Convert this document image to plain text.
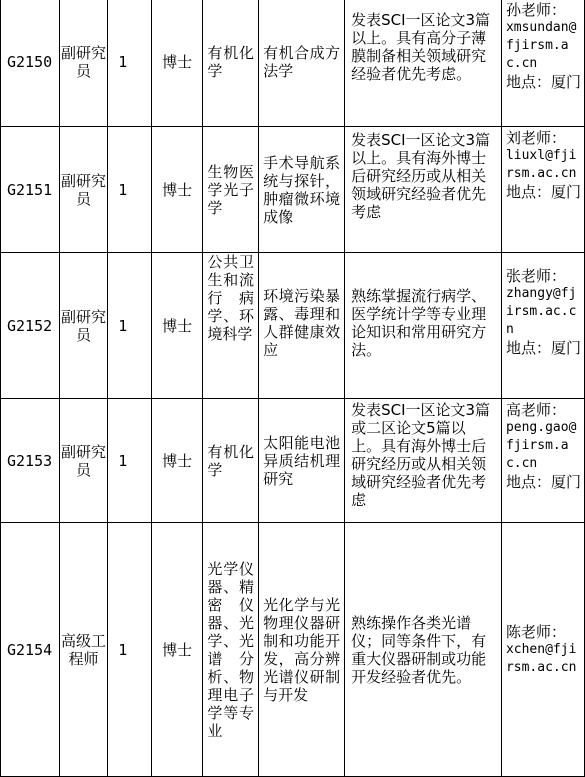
G2150	副研究员	1	博士	有机化学	有机合成方法学	发表SCI一区论文3篇以上。具有高分子薄膜制备相关领域研究经验者优先考虑。	孙老师：
xmsundan@fjirsm.ac.cn
地点：厦门

G2151	副研究员	1	博士	生物医学光子学	手术导航系统与探针，肿瘤微环境成像	发表SCI一区论文3篇以上。具有海外博士后研究经历或从相关领域研究经验者优先考虑	刘老师：
liuxl@fjirsm.ac.cn
地点：厦门

G2152	副研究员	1	博士	公共卫生和流行病学、环境科学	环境污染暴露、毒理和人群健康效应	熟练掌握流行病学、医学统计学等专业理论知识和常用研究方法。	张老师：
zhangy@fjirsm.ac.cn
地点：厦门

G2153	副研究员	1	博士	有机化学	太阳能电池异质结机理研究	发表SCI一区论文3篇或二区论文5篇以上。具有海外博士后研究经历或从相关领域研究经验者优先考虑	高老师：
peng.gao@fjirsm.ac.cn
地点：厦门

G2154	高级工程师	1	博士	光学仪器、精密仪器、光学、光谱分析、物理电子学等专业	光化学与光物理仪器研制和功能开发，高分辨光谱仪研制与开发	熟练操作各类光谱仪；同等条件下，有重大仪器研制或功能开发经验者优先。	陈老师：
xchen@fjirsm.ac.cn
